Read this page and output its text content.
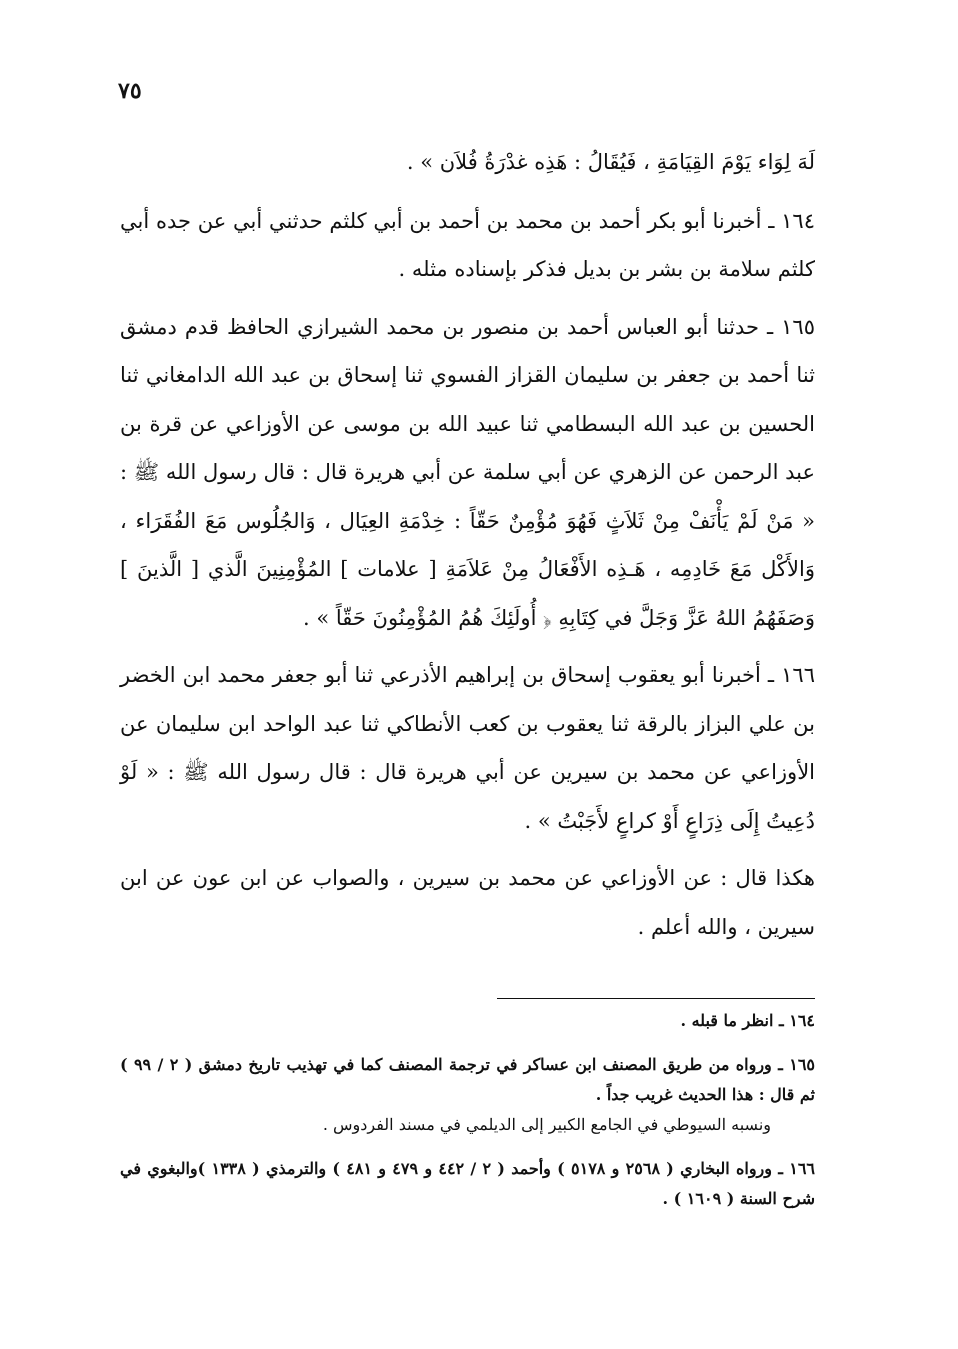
٧٥

لَهَ لِوَاء يَوْمَ القِيَامَةِ ، فَيُقَالُ : هَذِه غدْرَةُ فُلاَن » .

١٦٤ ـ أخبرنا أبو بكر أحمد بن محمد بن أحمد بن أبي كلثم حدثني أبي عن جده أبي كلثم سلامة بن بشر بن بديل فذكر بإسناده مثله .

١٦٥ ـ حدثنا أبو العباس أحمد بن منصور بن محمد الشيرازي الحافظ قدم دمشق ثنا أحمد بن جعفر بن سليمان القزاز الفسوي ثنا إسحاق بن عبد الله الدامغاني ثنا الحسين بن عبد الله البسطامي ثنا عبيد الله بن موسى عن الأوزاعي عن قرة بن عبد الرحمن عن الزهري عن أبي سلمة عن أبي هريرة قال : قال رسول الله ﷺ : « مَنْ لَمْ يَأْنَفْ مِنْ ثَلاَثٍ فَهُوَ مُؤْمِنٌ حَقّاً : خِدْمَةِ العِيَال ، وَالجُلُوس مَعَ الفُقَرَاء ، وَالأَكْل مَعَ خَادِمِه ، هَـذِه الأَفْعَالُ مِنْ عَلاَمَةِ [ علامات ] المُؤْمِنِينَ الَّذي [ الَّذينَ ] وَصَفَهُمُ اللهُ عَزَّ وَجَلَّ في كِتَابِهِ ﴿ أُولَئِكَ هُمُ المُؤْمِنُونَ حَقّاً » .

١٦٦ ـ أخبرنا أبو يعقوب إسحاق بن إبراهيم الأذرعي ثنا أبو جعفر محمد ابن الخضر بن علي البزاز بالرقة ثنا يعقوب بن كعب الأنطاكي ثنا عبد الواحد ابن سليمان عن الأوزاعي عن محمد بن سيرين عن أبي هريرة قال : قال رسول الله ﷺ : « لَوْ دُعِيتُ إِلَى ذِرَاعٍ أَوْ كراعٍ لأَجَبْتُ » .

هكذا قال : عن الأوزاعي عن محمد بن سيرين ، والصواب عن ابن عون عن ابن سيرين ، والله أعلم .

١٦٤ ـ انظر ما قبله .

١٦٥ ـ ورواه من طريق المصنف ابن عساكر في ترجمة المصنف كما في تهذيب تاريخ دمشق ( ٢ / ٩٩ ) ثم قال : هذا الحديث غريب جداً .

ونسبه السيوطي في الجامع الكبير إلى الديلمي في مسند الفردوس .

١٦٦ ـ ورواه البخاري ( ٢٥٦٨ و ٥١٧٨ ) وأحمد ( ٢ / ٤٤٢ و ٤٧٩ و ٤٨١ ) والترمذي ( ١٣٣٨ )والبغوي في شرح السنة ( ١٦٠٩ ) .
